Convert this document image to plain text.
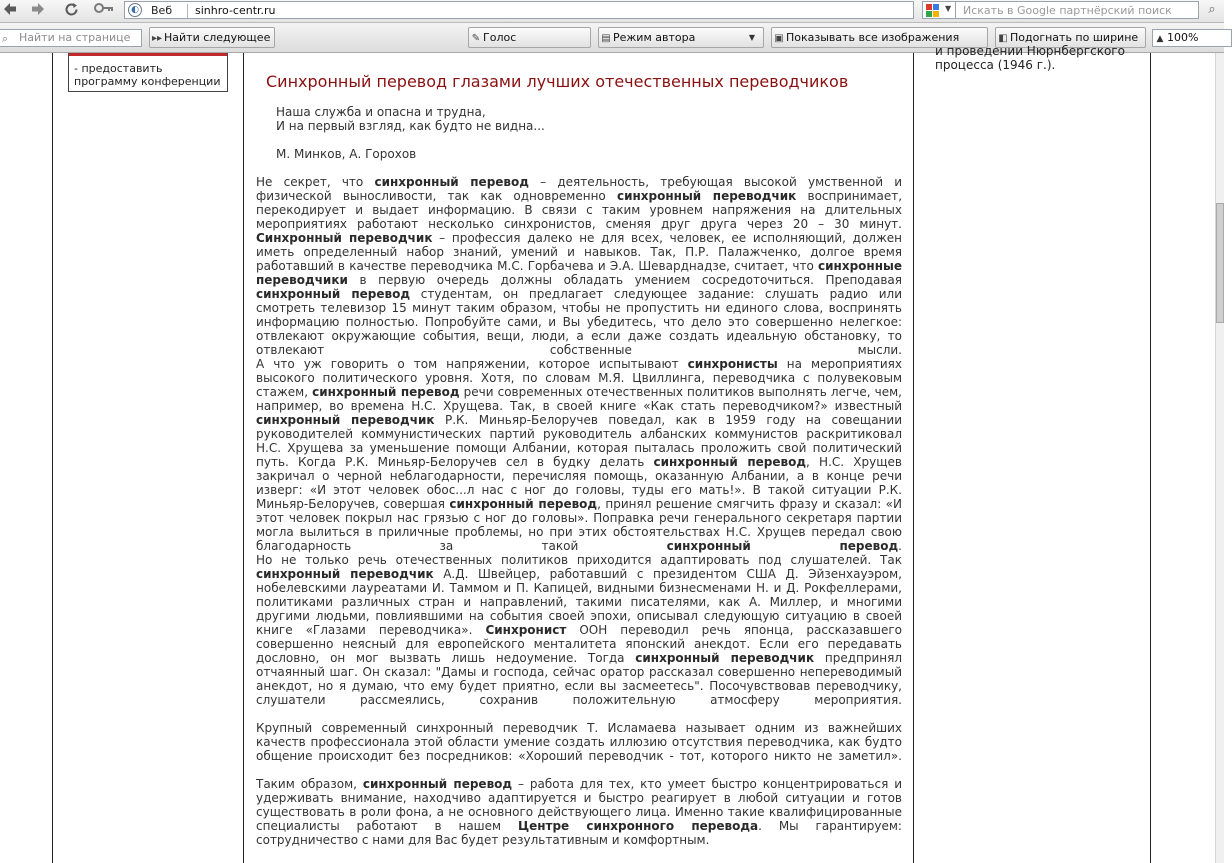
◐ Веб sinhro-centr.ru	▼	Искать в Google партнёрский поиск	⌕
⌕ Найти на странице	▸▸ Найти следующее	✎ Голос	▤ Режим автора	▼	▣ Показывать все изображения	◧ Подогнать по ширине	▲ 100%
- предоставить
программу конференции
и проведении Нюрнбергского
процесса (1946 г.).
Синхронный перевод глазами лучших отечественных переводчиков
Наша служба и опасна и трудна,
И на первый взгляд, как будто не видна...
М. Минков, А. Горохов
Не секрет, что синхронный перевод – деятельность, требующая высокой умственной и физической выносливости, так как одновременно синхронный переводчик воспринимает, перекодирует и выдает информацию. В связи с таким уровнем напряжения на длительных мероприятиях работают несколько синхронистов, сменяя друг друга через 20 – 30 минут. Синхронный переводчик – профессия далеко не для всех, человек, ее исполняющий, должен иметь определенный набор знаний, умений и навыков. Так, П.Р. Палажченко, долгое время работавший в качестве переводчика М.С. Горбачева и Э.А. Шеварднадзе, считает, что синхронные переводчики в первую очередь должны обладать умением сосредоточиться. Преподавая синхронный перевод студентам, он предлагает следующее задание: слушать радио или смотреть телевизор 15 минут таким образом, чтобы не пропустить ни единого слова, воспринять информацию полностью. Попробуйте сами, и Вы убедитесь, что дело это совершенно нелегкое: отвлекают окружающие события, вещи, люди, а если даже создать идеальную обстановку, то отвлекают собственные мысли.
А что уж говорить о том напряжении, которое испытывают синхронисты на мероприятиях высокого политического уровня. Хотя, по словам М.Я. Цвиллинга, переводчика с полувековым стажем, синхронный перевод речи современных отечественных политиков выполнять легче, чем, например, во времена Н.С. Хрущева. Так, в своей книге «Как стать переводчиком?» известный синхронный переводчик Р.К. Миньяр-Белоручев поведал, как в 1959 году на совещании руководителей коммунистических партий руководитель албанских коммунистов раскритиковал Н.С. Хрущева за уменьшение помощи Албании, которая пыталась проложить свой политический путь. Когда Р.К. Миньяр-Белоручев сел в будку делать синхронный перевод, Н.С. Хрущев закричал о черной неблагодарности, перечисляя помощь, оказанную Албании, а в конце речи изверг: «И этот человек обос...л нас с ног до головы, туды его мать!». В такой ситуации Р.К. Миньяр-Белоручев, совершая синхронный перевод, принял решение смягчить фразу и сказал: «И этот человек покрыл нас грязью с ног до головы». Поправка речи генерального секретаря партии могла вылиться в приличные проблемы, но при этих обстоятельствах Н.С. Хрущев передал свою благодарность за такой синхронный перевод.
Но не только речь отечественных политиков приходится адаптировать под слушателей. Так синхронный переводчик А.Д. Швейцер, работавший с президентом США Д. Эйзенхауэром, нобелевскими лауреатами И. Таммом и П. Капицей, видными бизнесменами Н. и Д. Рокфеллерами, политиками различных стран и направлений, такими писателями, как А. Миллер, и многими другими людьми, повлиявшими на события своей эпохи, описывал следующую ситуацию в своей книге «Глазами переводчика». Синхронист ООН переводил речь японца, рассказавшего совершенно неясный для европейского менталитета японский анекдот. Если его передавать дословно, он мог вызвать лишь недоумение. Тогда синхронный переводчик предпринял отчаянный шаг. Он сказал: "Дамы и господа, сейчас оратор рассказал совершенно непереводимый анекдот, но я думаю, что ему будет приятно, если вы засмеетесь". Посочувствовав переводчику, слушатели рассмеялись, сохранив положительную атмосферу мероприятия.
Крупный современный синхронный переводчик Т. Исламаева называет одним из важнейших качеств профессионала этой области умение создать иллюзию отсутствия переводчика, как будто общение происходит без посредников: «Хороший переводчик - тот, которого никто не заметил».
Таким образом, синхронный перевод – работа для тех, кто умеет быстро концентрироваться и удерживать внимание, находчиво адаптируется и быстро реагирует в любой ситуации и готов существовать в роли фона, а не основного действующего лица. Именно такие квалифицированные специалисты работают в нашем Центре синхронного перевода. Мы гарантируем: сотрудничество с нами для Вас будет результативным и комфортным.
